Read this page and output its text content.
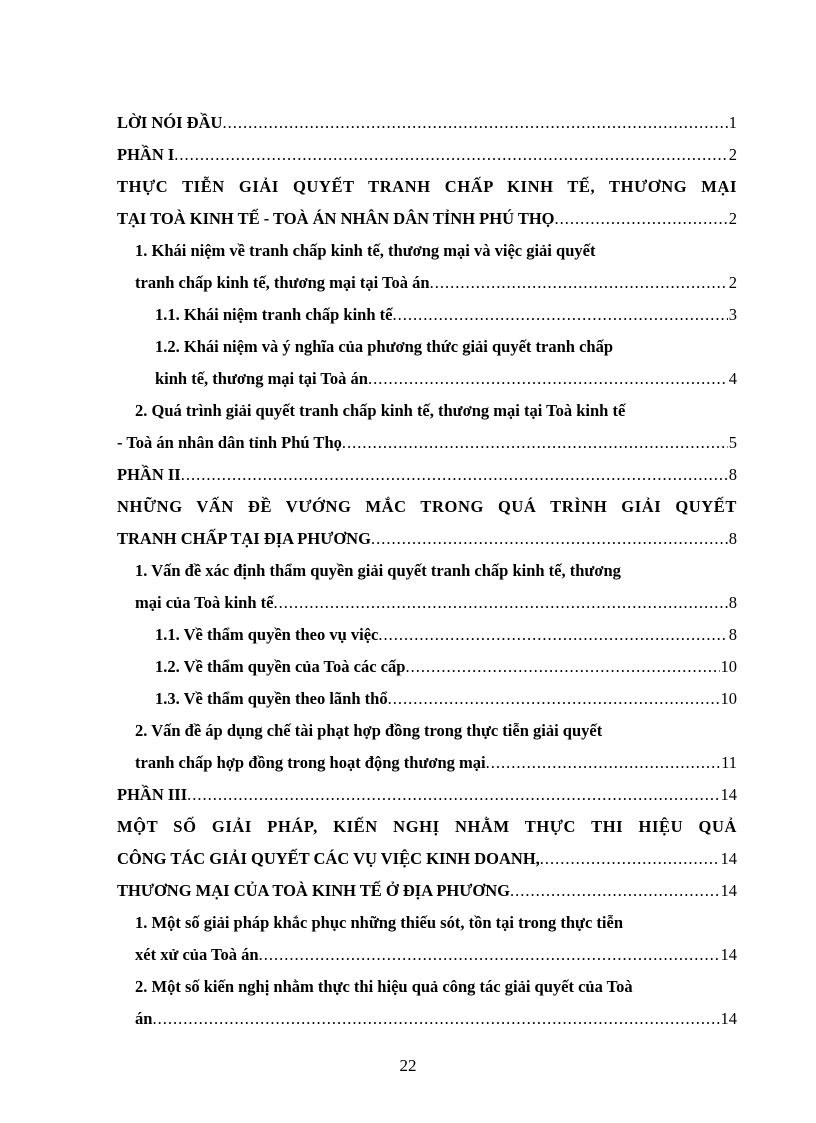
LỜI NÓI ĐẦU .....	1
PHẦN I .....	2
THỰC TIỄN GIẢI QUYẾT TRANH CHẤP KINH TẾ, THƯƠNG MẠI
TẠI TOÀ KINH TẾ - TOÀ ÁN NHÂN DÂN TỈNH PHÚ THỌ .....	2
1. Khái niệm về tranh chấp kinh tế, thương mại và việc giải quyết
tranh chấp kinh tế, thương mại tại Toà án .....	2
1.1. Khái niệm tranh chấp kinh tế .....	3
1.2. Khái niệm và ý nghĩa của phương thức giải quyết tranh chấp
kinh tế, thương mại tại Toà án .....	4
2. Quá trình giải quyết tranh chấp kinh tế, thương mại tại Toà kinh tế
- Toà án nhân dân tỉnh Phú Thọ .....	5
PHẦN II .....	8
NHỮNG VẤN ĐỀ VƯỚNG MẮC TRONG QUÁ TRÌNH GIẢI QUYẾT
TRANH CHẤP TẠI ĐỊA PHƯƠNG .....	8
1. Vấn đề xác định thẩm quyền giải quyết tranh chấp kinh tế, thương
mại của Toà kinh tế .....	8
1.1. Về thẩm quyền theo vụ việc .....	8
1.2. Về thẩm quyền của Toà các cấp .....	10
1.3. Về thẩm quyền theo lãnh thổ .....	10
2. Vấn đề áp dụng chế tài phạt hợp đồng trong thực tiễn giải quyết
tranh chấp hợp đồng trong hoạt động thương mại .....	11
PHẦN III .....	14
MỘT SỐ GIẢI PHÁP, KIẾN NGHỊ NHẰM THỰC THI HIỆU QUẢ
CÔNG TÁC GIẢI QUYẾT CÁC VỤ VIỆC KINH DOANH, .....	14
THƯƠNG MẠI CỦA TOÀ KINH TẾ Ở ĐỊA PHƯƠNG .....	14
1. Một số giải pháp khắc phục những thiếu sót, tồn tại trong thực tiễn
xét xử của Toà án .....	14
2. Một số kiến nghị nhằm thực thi hiệu quả công tác giải quyết của Toà
án .....	14
22
